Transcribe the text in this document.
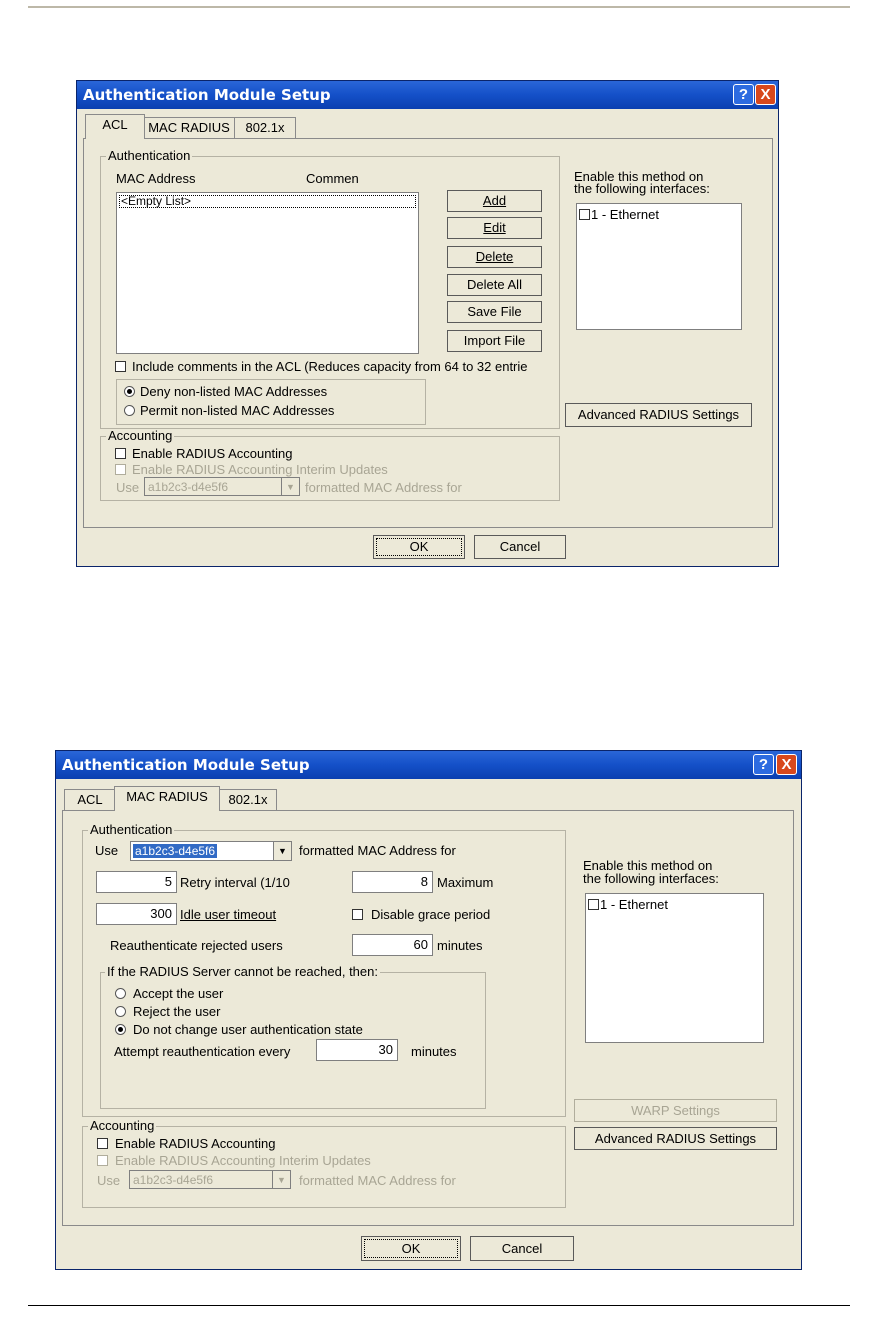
Authentication Module Setup	? X
ACL	MAC RADIUS	802.1x
Authentication
MAC Address	Commen
<Empty List>	Add
Edit
Delete
Delete All
Save File
Import File
Include comments in the ACL (Reduces capacity from 64 to 32 entrie
Deny non-listed MAC Addresses
Permit non-listed MAC Addresses
Enable this method on
the following interfaces:
1 - Ethernet
Advanced RADIUS Settings
Accounting
Enable RADIUS Accounting
Enable RADIUS Accounting Interim Updates
Use a1b2c3-d4e5f6	▼ formatted MAC Address for
OK	Cancel
Authentication Module Setup	? X
ACL	MAC RADIUS	802.1x
Authentication
Use a1b2c3-d4e5f6	▼ formatted MAC Address for
5 Retry interval (1/10	8 Maximum
300 Idle user timeout	Disable grace period
Reauthenticate rejected users	60 minutes
If the RADIUS Server cannot be reached, then:
Accept the user
Reject the user
Do not change user authentication state
Attempt reauthentication every	30	minutes
Enable this method on
the following interfaces:
1 - Ethernet
WARP Settings
Advanced RADIUS Settings
Accounting
Enable RADIUS Accounting
Enable RADIUS Accounting Interim Updates
Use a1b2c3-d4e5f6	▼	formatted MAC Address for
OK	Cancel
